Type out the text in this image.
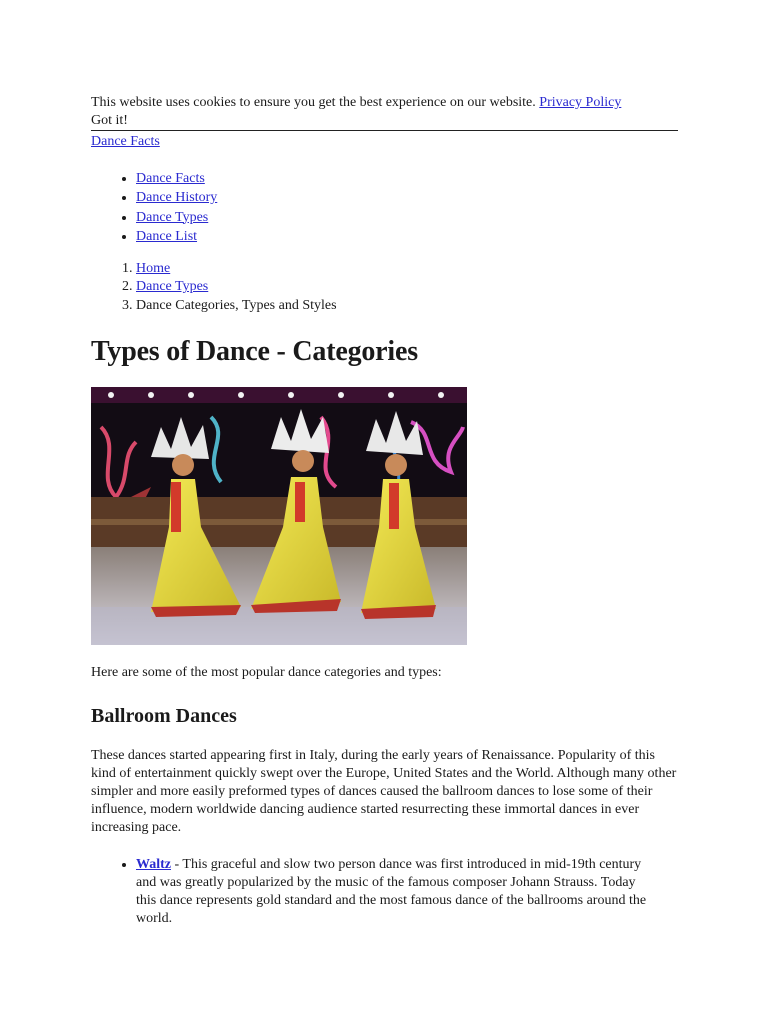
This website uses cookies to ensure you get the best experience on our website. Privacy Policy
Got it!
Dance Facts
• Dance Facts
• Dance History
• Dance Types
• Dance List
1. Home
2. Dance Types
3. Dance Categories, Types and Styles
Types of Dance - Categories

Here are some of the most popular dance categories and types:

Ballroom Dances

These dances started appearing first in Italy, during the early years of Renaissance. Popularity of this kind of entertainment quickly swept over the Europe, United States and the World. Although many other simpler and more easily preformed types of dances caused the ballroom dances to lose some of their influence, modern worldwide dancing audience started resurrecting these immortal dances in ever increasing pace.

• Waltz - This graceful and slow two person dance was first introduced in mid-19th century and was greatly popularized by the music of the famous composer Johann Strauss. Today this dance represents gold standard and the most famous dance of the ballrooms around the world.
